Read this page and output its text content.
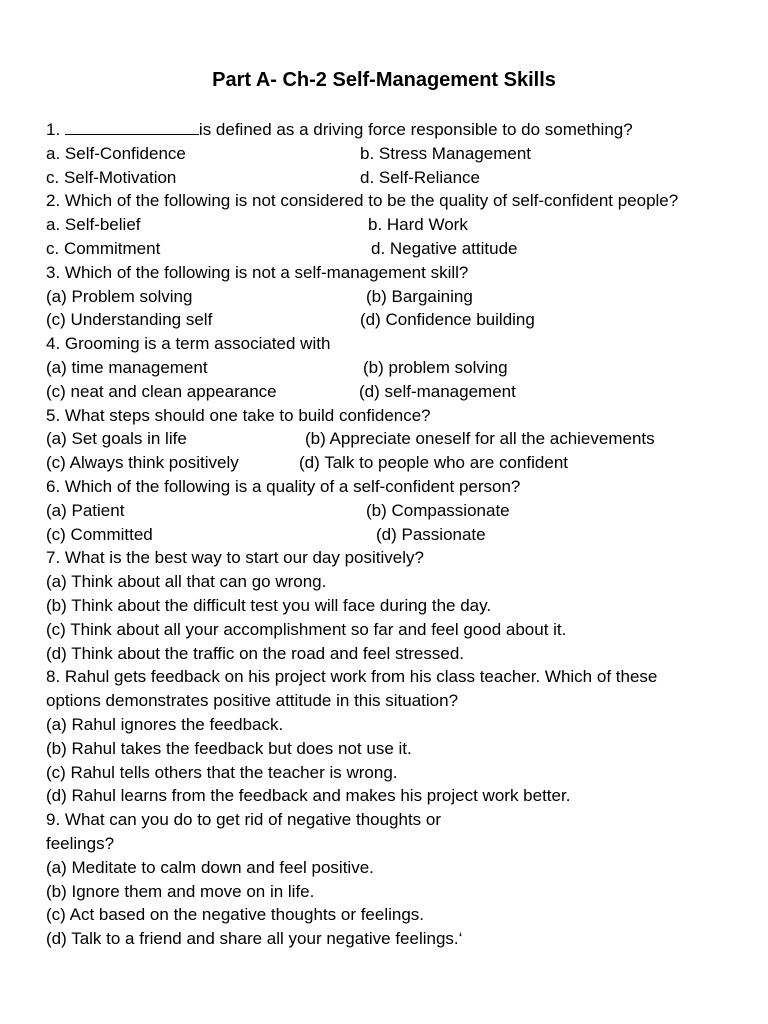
Part A- Ch-2 Self-Management Skills
1.	is defined as a driving force responsible to do something?
a. Self-Confidence	b. Stress Management
c. Self-Motivation	d. Self-Reliance
2. Which of the following is not considered to be the quality of self-confident people?
a. Self-belief	b. Hard Work
c. Commitment	d. Negative attitude
3. Which of the following is not a self-management skill?
(a) Problem solving	(b) Bargaining
(c) Understanding self	(d) Confidence building
4. Grooming is a term associated with
(a) time management	(b) problem solving
(c) neat and clean appearance	(d) self-management
5. What steps should one take to build confidence?
(a) Set goals in life	(b) Appreciate oneself for all the achievements
(c) Always think positively	(d) Talk to people who are confident
6. Which of the following is a quality of a self-confident person?
(a) Patient	(b) Compassionate
(c) Committed	(d) Passionate
7. What is the best way to start our day positively?
(a) Think about all that can go wrong.
(b) Think about the difficult test you will face during the day.
(c) Think about all your accomplishment so far and feel good about it.
(d) Think about the traffic on the road and feel stressed.
8. Rahul gets feedback on his project work from his class teacher. Which of these
options demonstrates positive attitude in this situation?
(a) Rahul ignores the feedback.
(b) Rahul takes the feedback but does not use it.
(c) Rahul tells others that the teacher is wrong.
(d) Rahul learns from the feedback and makes his project work better.
9. What can you do to get rid of negative thoughts or
feelings?
(a) Meditate to calm down and feel positive.
(b) Ignore them and move on in life.
(c) Act based on the negative thoughts or feelings.
(d) Talk to a friend and share all your negative feelings.‘
